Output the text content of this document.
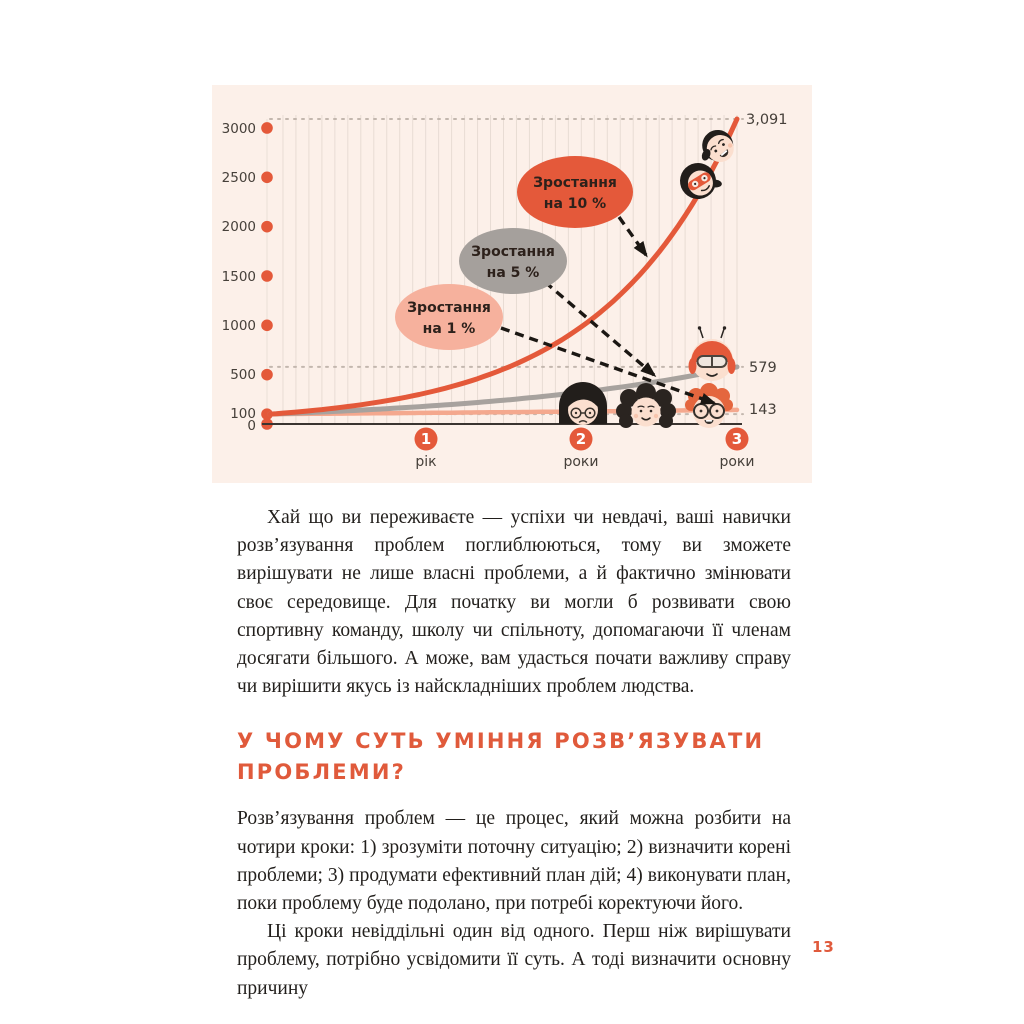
3000
2500
2000
1500
1000
500
100
0
3,091
579
143
Зростання
на 10 %
Зростання
на 5 %
Зростання
на 1 %
1
рік
2
роки
3
роки

Хай що ви переживаєте — успіхи чи невдачі, ваші навички розв’язування проблем поглиблюються, тому ви зможете вирішувати не лише власні проблеми, а й фактично змінювати своє середовище. Для початку ви могли б розвивати свою спортивну команду, школу чи спільноту, допомагаючи її членам досягати більшого. А може, вам удасться почати важливу справу чи вирішити якусь із найскладніших проблем людства.

У ЧОМУ СУТЬ УМІННЯ РОЗВ’ЯЗУВАТИ ПРОБЛЕМИ?

Розв’язування проблем — це процес, який можна розбити на чотири кроки: 1) зрозуміти поточну ситуацію; 2) визначити корені проблеми; 3) продумати ефективний план дій; 4) виконувати план, поки проблему буде подолано, при потребі коректуючи його.

Ці кроки невіддільні один від одного. Перш ніж вирішувати проблему, потрібно усвідомити її суть. А тоді визначити основну причину

13
